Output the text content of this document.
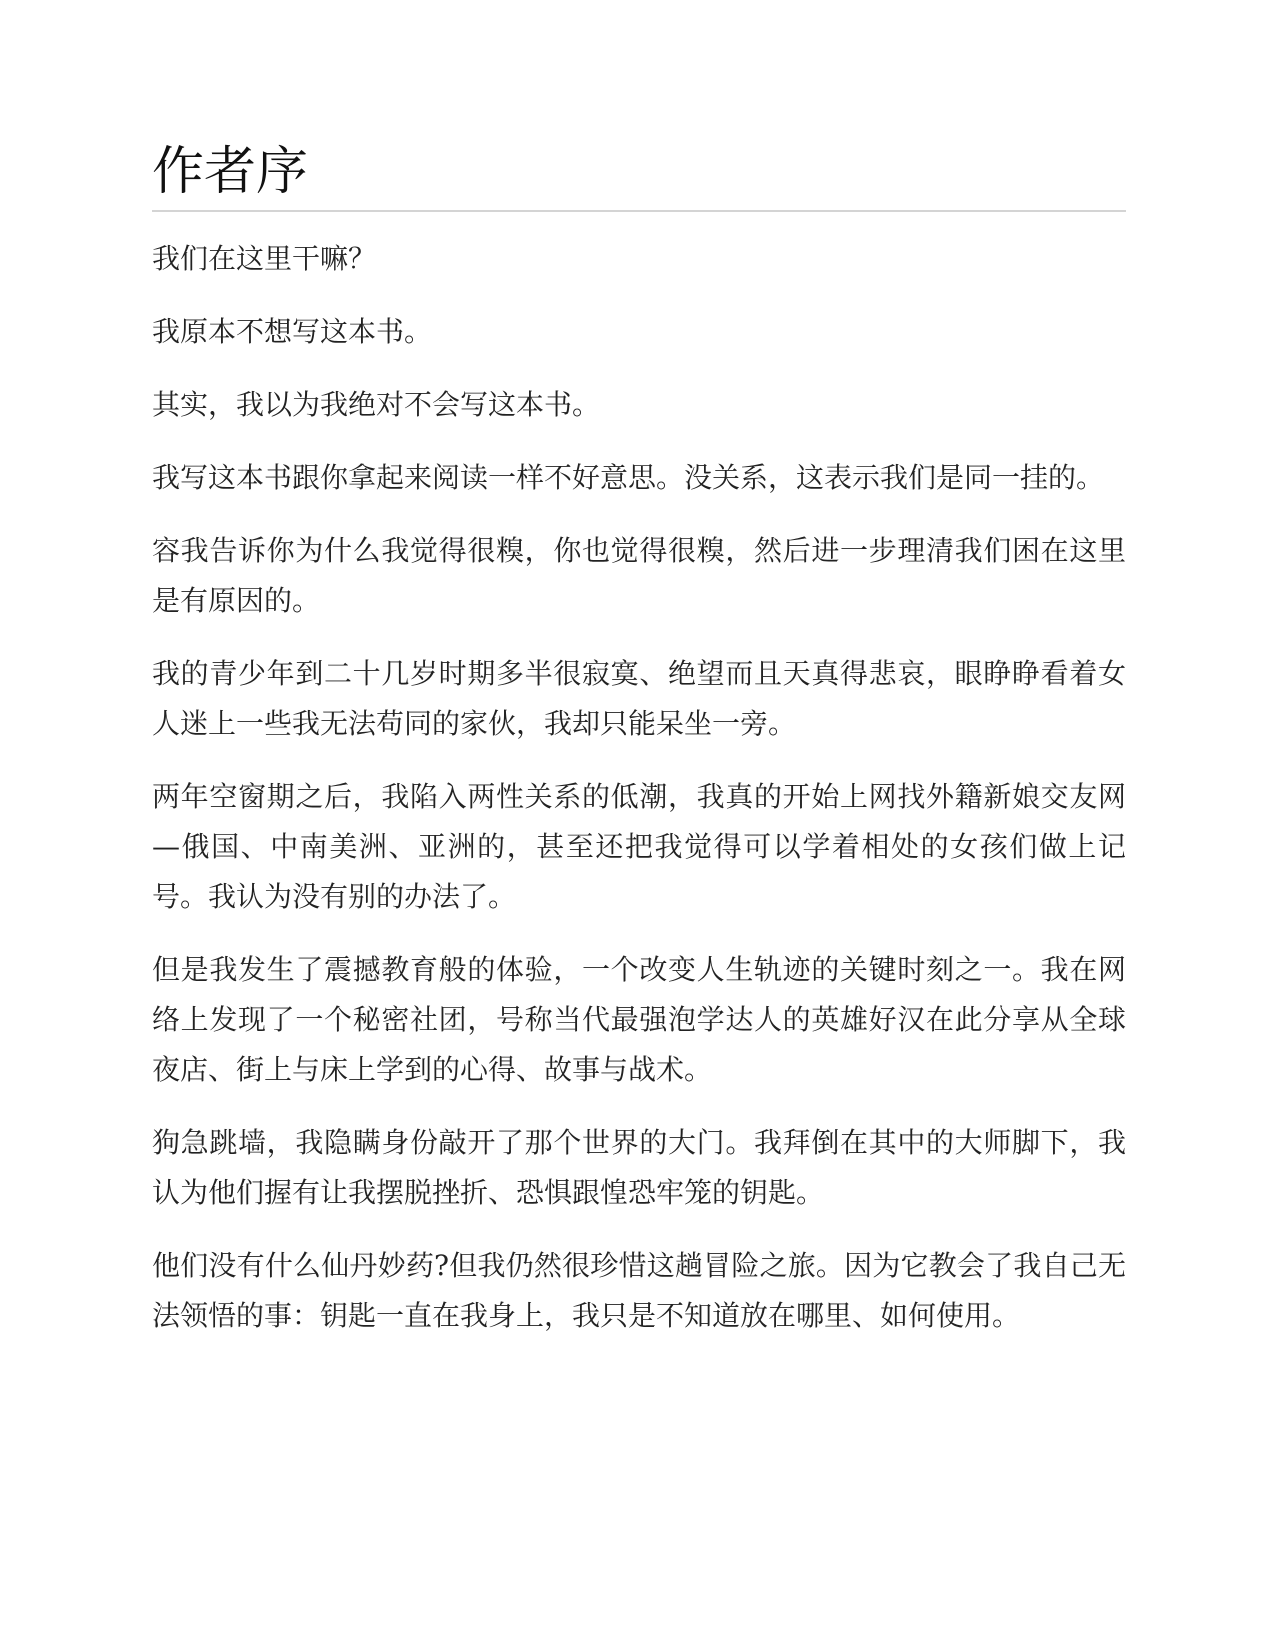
作者序

我们在这里干嘛？

我原本不想写这本书。

其实，我以为我绝对不会写这本书。

我写这本书跟你拿起来阅读一样不好意思。没关系，这表示我们是同一挂的。

容我告诉你为什么我觉得很糗，你也觉得很糗，然后进一步理清我们困在这里是有原因的。

我的青少年到二十几岁时期多半很寂寞、绝望而且天真得悲哀，眼睁睁看着女人迷上一些我无法苟同的家伙，我却只能呆坐一旁。

两年空窗期之后，我陷入两性关系的低潮，我真的开始上网找外籍新娘交友网—俄国、中南美洲、亚洲的，甚至还把我觉得可以学着相处的女孩们做上记号。我认为没有别的办法了。

但是我发生了震撼教育般的体验，一个改变人生轨迹的关键时刻之一。我在网络上发现了一个秘密社团，号称当代最强泡学达人的英雄好汉在此分享从全球夜店、街上与床上学到的心得、故事与战术。

狗急跳墙，我隐瞒身份敲开了那个世界的大门。我拜倒在其中的大师脚下，我认为他们握有让我摆脱挫折、恐惧跟惶恐牢笼的钥匙。

他们没有什么仙丹妙药?但我仍然很珍惜这趟冒险之旅。因为它教会了我自己无法领悟的事：钥匙一直在我身上，我只是不知道放在哪里、如何使用。
